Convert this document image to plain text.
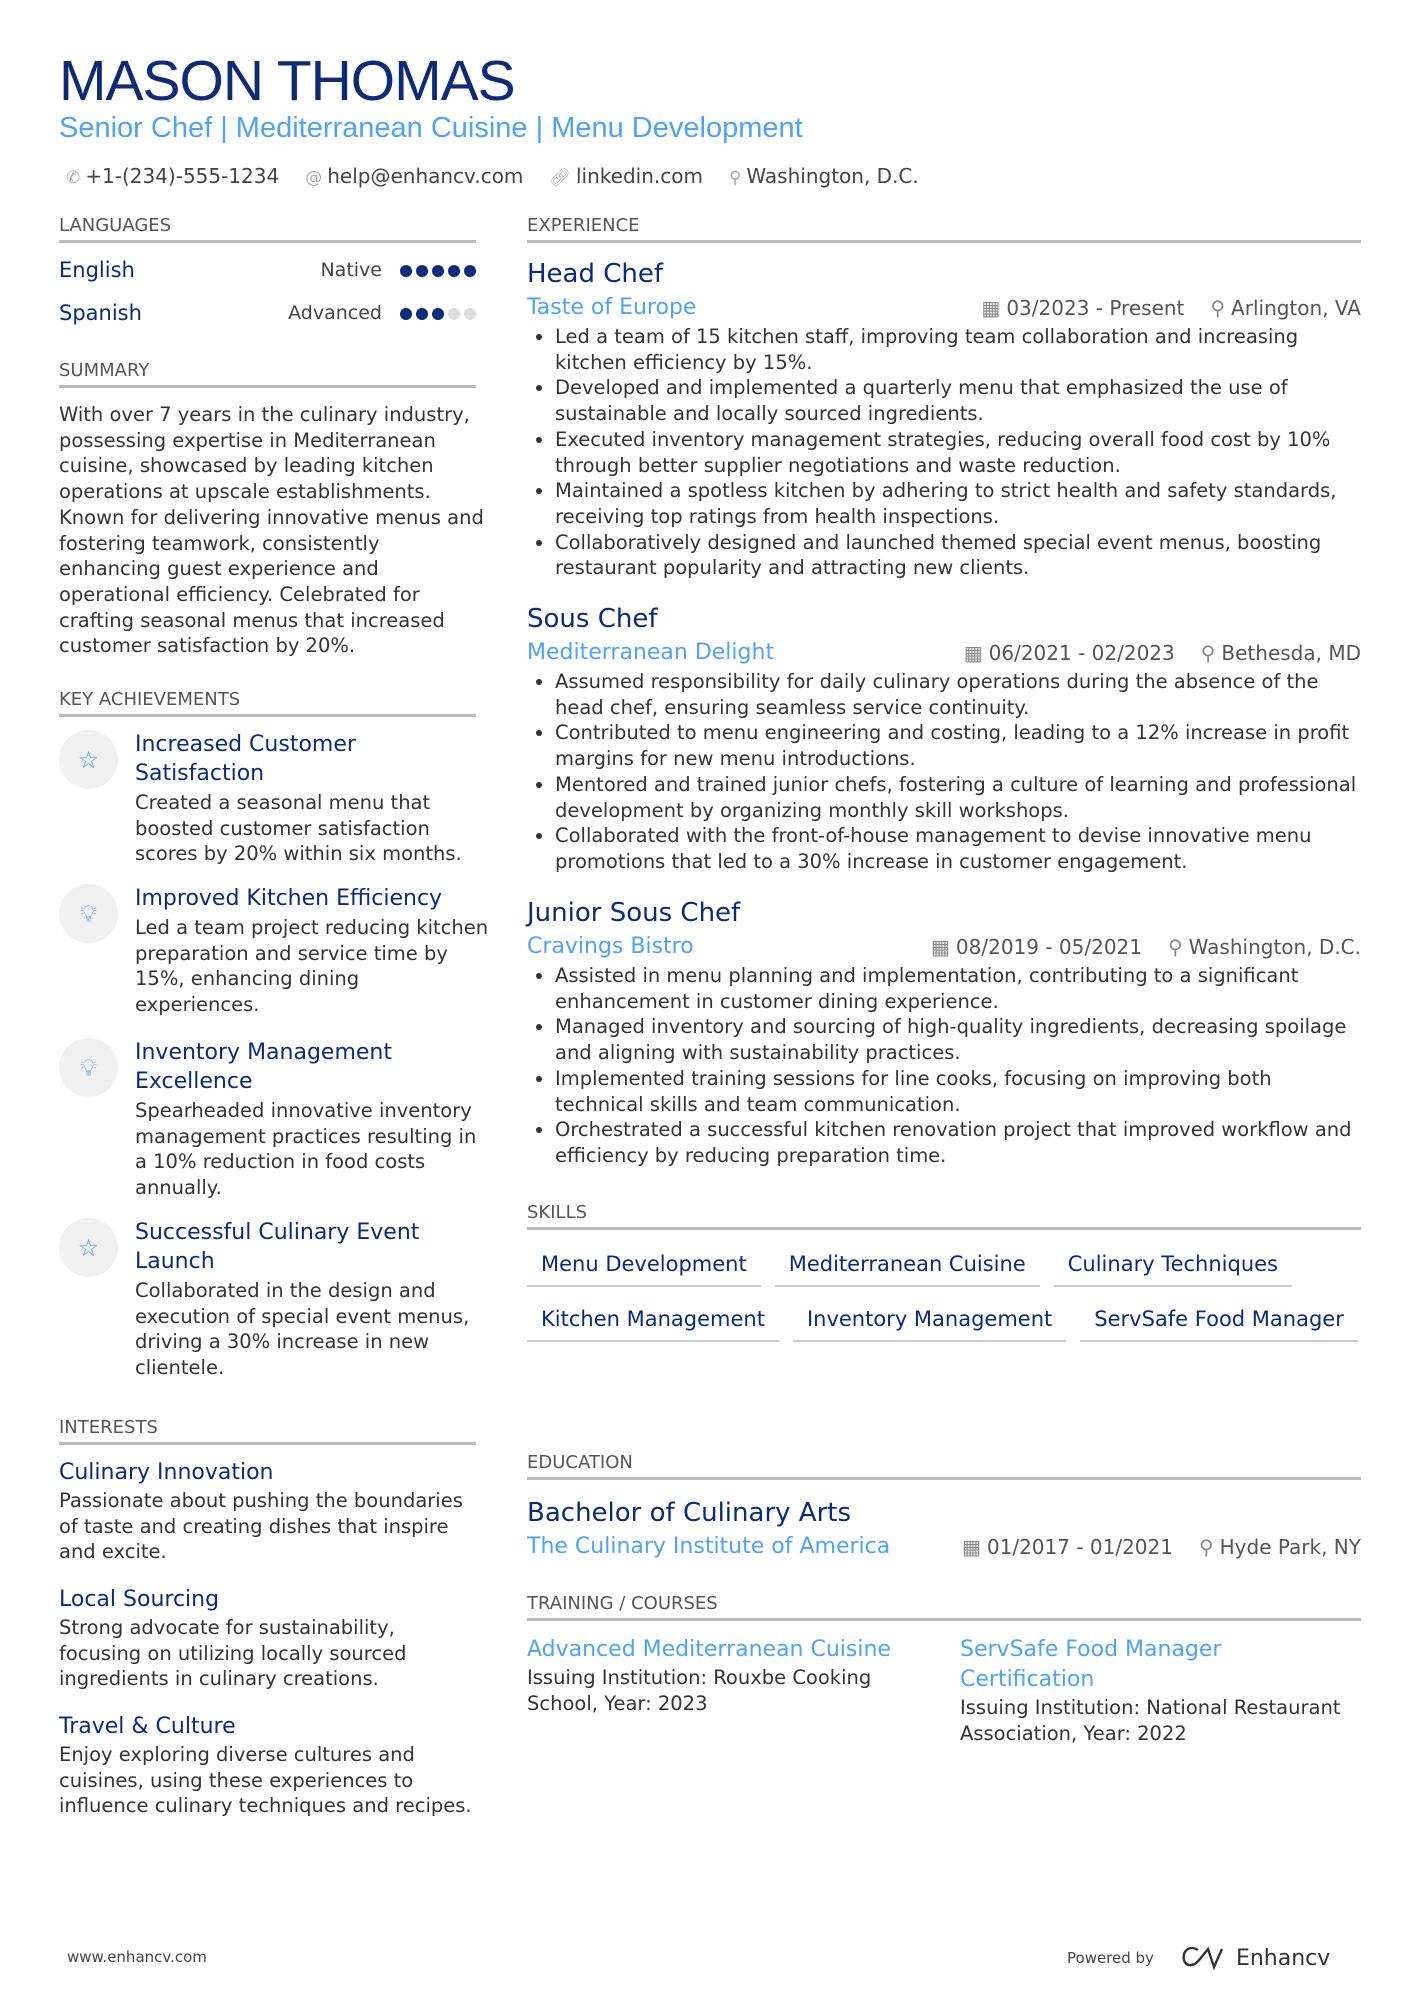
MASON THOMAS
Senior Chef | Mediterranean Cuisine | Menu Development
✆ +1-(234)-555-1234 @ help@enhancv.com 🔗︎ linkedin.com ⚲ Washington, D.C.
LANGUAGES
English	Native
Spanish	Advanced
SUMMARY
With over 7 years in the culinary industry, possessing expertise in Mediterranean cuisine, showcased by leading kitchen operations at upscale establishments. Known for delivering innovative menus and fostering teamwork, consistently enhancing guest experience and operational efficiency. Celebrated for crafting seasonal menus that increased customer satisfaction by 20%.
KEY ACHIEVEMENTS
☆
Increased Customer Satisfaction
Created a seasonal menu that boosted customer satisfaction scores by 20% within six months.
💡︎
Improved Kitchen Efficiency
Led a team project reducing kitchen preparation and service time by 15%, enhancing dining experiences.
💡︎
Inventory Management Excellence
Spearheaded innovative inventory management practices resulting in a 10% reduction in food costs annually.
☆
Successful Culinary Event Launch
Collaborated in the design and execution of special event menus, driving a 30% increase in new clientele.
INTERESTS
Culinary Innovation
Passionate about pushing the boundaries of taste and creating dishes that inspire and excite.
Local Sourcing
Strong advocate for sustainability, focusing on utilizing locally sourced ingredients in culinary creations.
Travel & Culture
Enjoy exploring diverse cultures and cuisines, using these experiences to influence culinary techniques and recipes.
EXPERIENCE
Head Chef
Taste of Europe	▦ 03/2023 - Present ⚲ Arlington, VA
• Led a team of 15 kitchen staff, improving team collaboration and increasing kitchen efficiency by 15%.
• Developed and implemented a quarterly menu that emphasized the use of sustainable and locally sourced ingredients.
• Executed inventory management strategies, reducing overall food cost by 10% through better supplier negotiations and waste reduction.
• Maintained a spotless kitchen by adhering to strict health and safety standards, receiving top ratings from health inspections.
• Collaboratively designed and launched themed special event menus, boosting restaurant popularity and attracting new clients.
Sous Chef
Mediterranean Delight	▦ 06/2021 - 02/2023 ⚲ Bethesda, MD
• Assumed responsibility for daily culinary operations during the absence of the head chef, ensuring seamless service continuity.
• Contributed to menu engineering and costing, leading to a 12% increase in profit margins for new menu introductions.
• Mentored and trained junior chefs, fostering a culture of learning and professional development by organizing monthly skill workshops.
• Collaborated with the front-of-house management to devise innovative menu promotions that led to a 30% increase in customer engagement.
Junior Sous Chef
Cravings Bistro	▦ 08/2019 - 05/2021 ⚲ Washington, D.C.
• Assisted in menu planning and implementation, contributing to a significant enhancement in customer dining experience.
• Managed inventory and sourcing of high-quality ingredients, decreasing spoilage and aligning with sustainability practices.
• Implemented training sessions for line cooks, focusing on improving both technical skills and team communication.
• Orchestrated a successful kitchen renovation project that improved workflow and efficiency by reducing preparation time.
SKILLS
Menu Development	Mediterranean Cuisine	Culinary Techniques
Kitchen Management	Inventory Management	ServSafe Food Manager
EDUCATION
Bachelor of Culinary Arts
The Culinary Institute of America	▦ 01/2017 - 01/2021 ⚲ Hyde Park, NY
TRAINING / COURSES
Advanced Mediterranean Cuisine
Issuing Institution: Rouxbe Cooking School, Year: 2023
ServSafe Food Manager Certification
Issuing Institution: National Restaurant Association, Year: 2022
www.enhancv.com	Powered by	Enhancv
